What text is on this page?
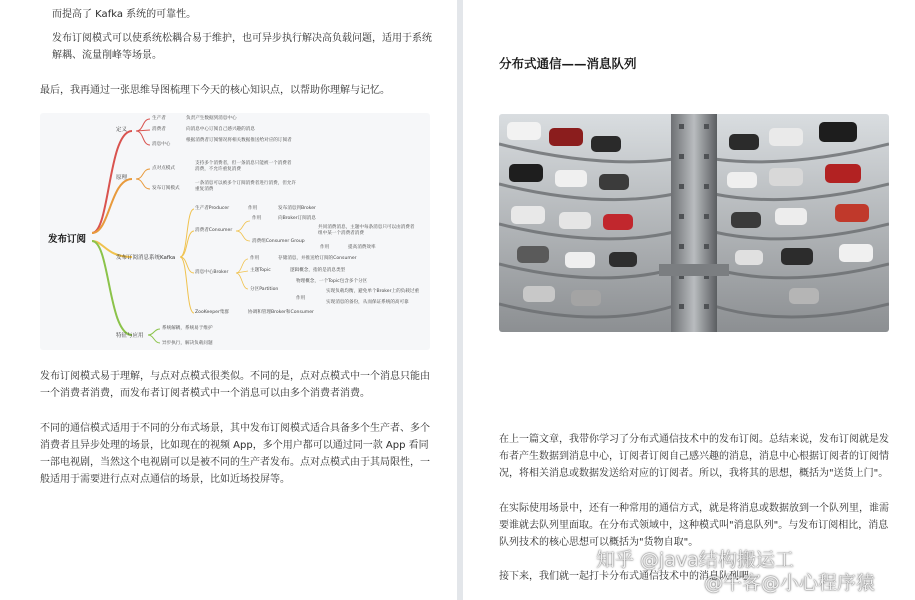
而提高了 Kafka 系统的可靠性。
发布订阅模式可以使系统松耦合易于维护，也可异步执行解决高负载问题，适用于系统解耦、流量削峰等场景。
最后，我再通过一张思维导图梳理下今天的核心知识点，以帮助你理解与记忆。
发布订阅
定义
生产者
消费者
消息中心
负责产生数据到消息中心
向消息中心订阅自己感兴趣的消息
根据消费者订阅情况将相关数据推送给对应的订阅者
原理
点对点模式
发布订阅模式
支持多个消费者，但一条消息只能被一个消费者消费，不允许重复消费
一条消息可以被多个订阅消费者进行消费，但允许重复消费
发布订阅消息系统Kafka
生产者Producer
消费者Consumer
消息中心Broker
ZooKeeper集群
作用	发布消息到Broker
作用	向Broker订阅消息
共同消费消息，主题中每条消息只可以由消费者组中某一个消费者消费
消费组Consumer Group
作用	提高消费效率
作用	存储消息，并推送给订阅的Consumer
主题Topic	逻辑概念，指的是消息类型
分区Partition
物理概念，一个Topic包含多个分区
作用
实现负载均衡，避免单个Broker上的负载过重
实现消息的备份，从而保证系统的高可靠
协调和管理Broker和Consumer
特征与应用
系统解耦，系统易于维护
异步执行，解决负载问题
发布订阅模式易于理解，与点对点模式很类似。不同的是，点对点模式中一个消息只能由一个消费者消费，而发布者订阅者模式中一个消息可以由多个消费者消费。
不同的通信模式适用于不同的分布式场景，其中发布订阅模式适合具备多个生产者、多个消费者且异步处理的场景，比如现在的视频 App，多个用户都可以通过同一款 App 看同一部电视剧，当然这个电视剧可以是被不同的生产者发布。点对点模式由于其局限性，一般适用于需要进行点对点通信的场景，比如近场投屏等。
分布式通信——消息队列
在上一篇文章，我带你学习了分布式通信技术中的发布订阅。总结来说，发布订阅就是发布者产生数据到消息中心，订阅者订阅自己感兴趣的消息，消息中心根据订阅者的订阅情况，将相关消息或数据发送给对应的订阅者。所以，我将其的思想，概括为"送货上门"。
在实际使用场景中，还有一种常用的通信方式，就是将消息或数据放到一个队列里，谁需要谁就去队列里面取。在分布式领域中，这种模式叫"消息队列"。与发布订阅相比，消息队列技术的核心思想可以概括为"货物自取"。
接下来，我们就一起打卡分布式通信技术中的消息队列吧
知乎 @java结构搬运工
@牛客@小心程序猿
